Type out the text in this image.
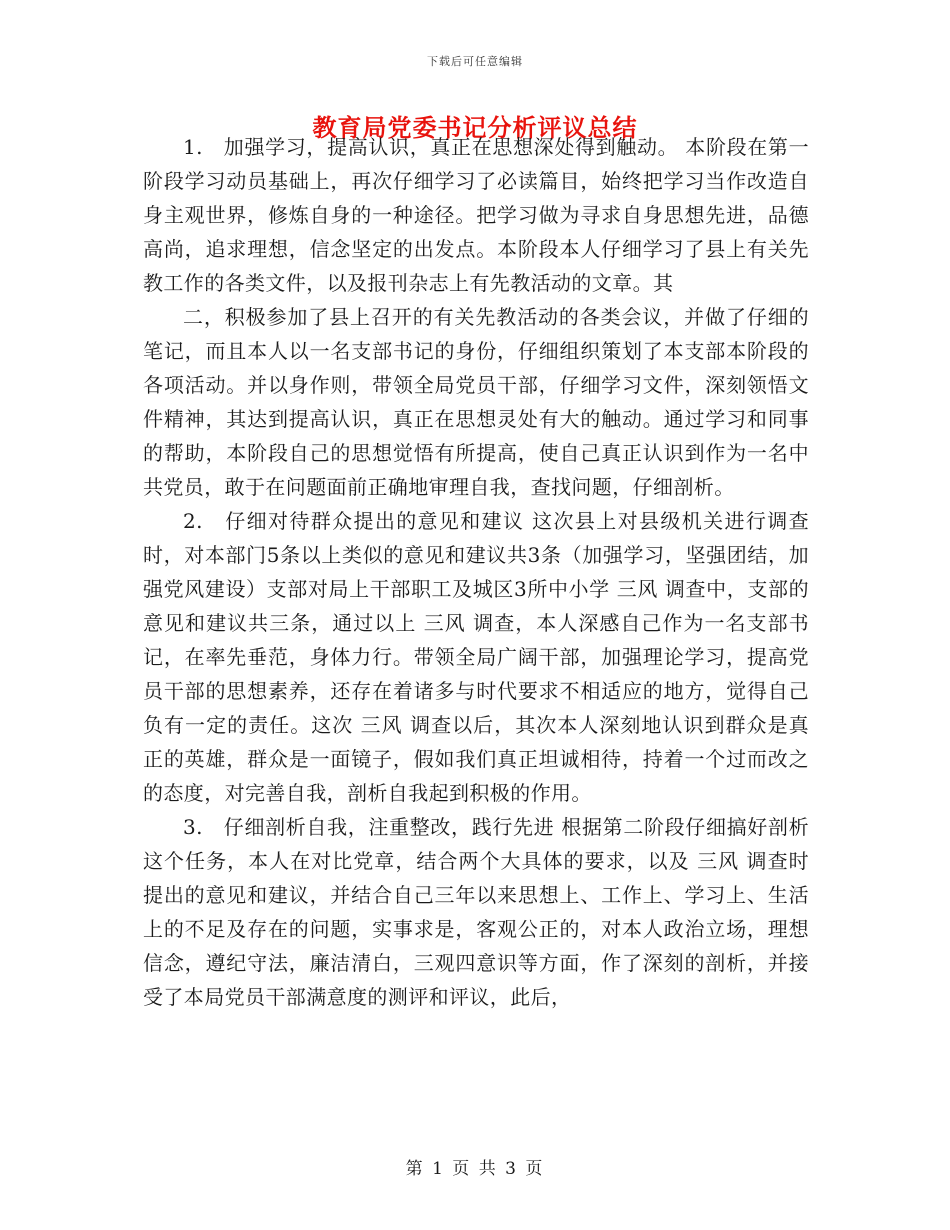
下载后可任意编辑
教育局党委书记分析评议总结

1.　加强学习，提高认识，真正在思想深处得到触动。 本阶段在第一阶段学习动员基础上，再次仔细学习了必读篇目，始终把学习当作改造自身主观世界，修炼自身的一种途径。把学习做为寻求自身思想先进，品德高尚，追求理想，信念坚定的出发点。本阶段本人仔细学习了县上有关先教工作的各类文件，以及报刊杂志上有先教活动的文章。其

二，积极参加了县上召开的有关先教活动的各类会议，并做了仔细的笔记，而且本人以一名支部书记的身份，仔细组织策划了本支部本阶段的各项活动。并以身作则，带领全局党员干部，仔细学习文件，深刻领悟文件精神，其达到提高认识，真正在思想灵处有大的触动。通过学习和同事的帮助，本阶段自己的思想觉悟有所提高，使自己真正认识到作为一名中共党员，敢于在问题面前正确地审理自我，查找问题，仔细剖析。

2.　仔细对待群众提出的意见和建议 这次县上对县级机关进行调查时，对本部门5条以上类似的意见和建议共3条（加强学习，坚强团结，加强党风建设）支部对局上干部职工及城区3所中小学 三风 调查中，支部的意见和建议共三条，通过以上 三风 调查，本人深感自己作为一名支部书记，在率先垂范，身体力行。带领全局广阔干部，加强理论学习，提高党员干部的思想素养，还存在着诸多与时代要求不相适应的地方，觉得自己负有一定的责任。这次 三风 调查以后，其次本人深刻地认识到群众是真正的英雄，群众是一面镜子，假如我们真正坦诚相待，持着一个过而改之的态度，对完善自我，剖析自我起到积极的作用。

3.　仔细剖析自我，注重整改，践行先进 根据第二阶段仔细搞好剖析这个任务，本人在对比党章，结合两个大具体的要求，以及 三风 调查时提出的意见和建议，并结合自己三年以来思想上、工作上、学习上、生活上的不足及存在的问题，实事求是，客观公正的，对本人政治立场，理想信念，遵纪守法，廉洁清白，三观四意识等方面，作了深刻的剖析，并接受了本局党员干部满意度的测评和评议，此后，

第 1 页 共 3 页
